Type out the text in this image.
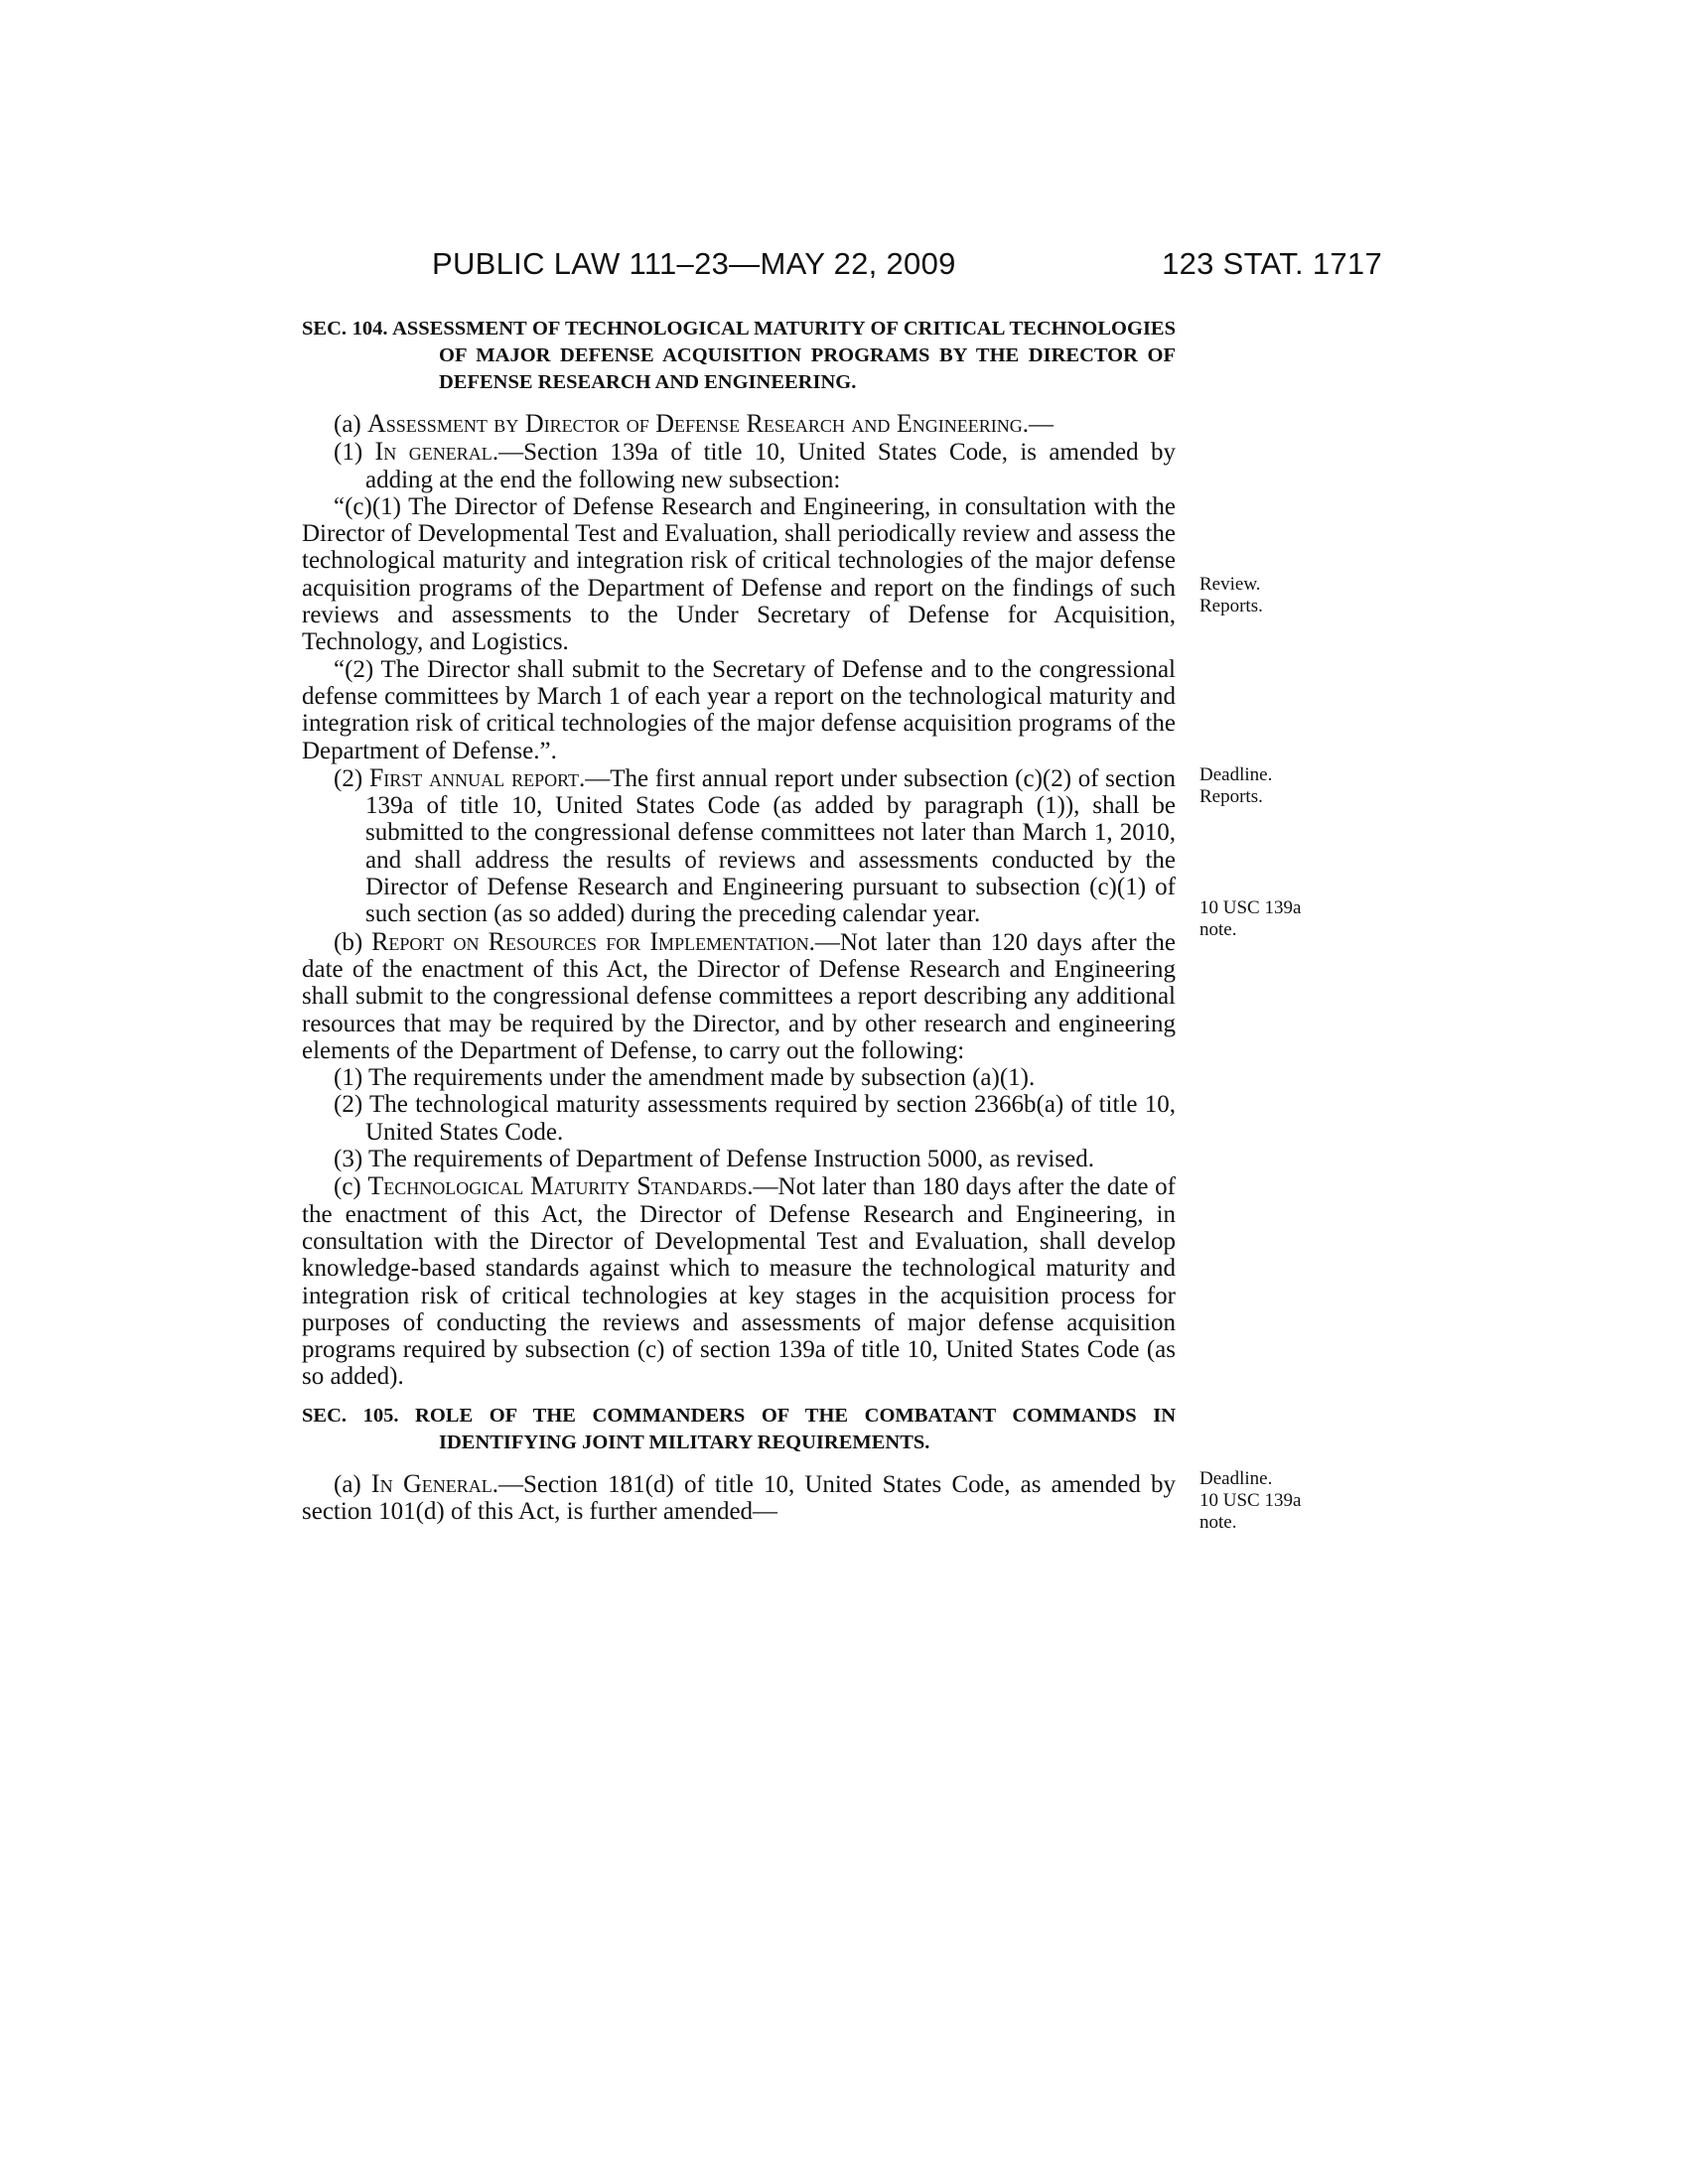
PUBLIC LAW 111–23—MAY 22, 2009	123 STAT. 1717

SEC. 104. ASSESSMENT OF TECHNOLOGICAL MATURITY OF CRITICAL TECHNOLOGIES OF MAJOR DEFENSE ACQUISITION PROGRAMS BY THE DIRECTOR OF DEFENSE RESEARCH AND ENGINEERING.

(a) Assessment by Director of Defense Research and Engineering.—

(1) In general.—Section 139a of title 10, United States Code, is amended by adding at the end the following new subsection:

“(c)(1) The Director of Defense Research and Engineering, in consultation with the Director of Developmental Test and Evaluation, shall periodically review and assess the technological maturity and integration risk of critical technologies of the major defense acquisition programs of the Department of Defense and report on the findings of such reviews and assessments to the Under Secretary of Defense for Acquisition, Technology, and Logistics.

“(2) The Director shall submit to the Secretary of Defense and to the congressional defense committees by March 1 of each year a report on the technological maturity and integration risk of critical technologies of the major defense acquisition programs of the Department of Defense.”.

(2) First annual report.—The first annual report under subsection (c)(2) of section 139a of title 10, United States Code (as added by paragraph (1)), shall be submitted to the congressional defense committees not later than March 1, 2010, and shall address the results of reviews and assessments conducted by the Director of Defense Research and Engineering pursuant to subsection (c)(1) of such section (as so added) during the preceding calendar year.

(b) Report on Resources for Implementation.—Not later than 120 days after the date of the enactment of this Act, the Director of Defense Research and Engineering shall submit to the congressional defense committees a report describing any additional resources that may be required by the Director, and by other research and engineering elements of the Department of Defense, to carry out the following:

(1) The requirements under the amendment made by subsection (a)(1).

(2) The technological maturity assessments required by section 2366b(a) of title 10, United States Code.

(3) The requirements of Department of Defense Instruction 5000, as revised.

(c) Technological Maturity Standards.—Not later than 180 days after the date of the enactment of this Act, the Director of Defense Research and Engineering, in consultation with the Director of Developmental Test and Evaluation, shall develop knowledge-based standards against which to measure the technological maturity and integration risk of critical technologies at key stages in the acquisition process for purposes of conducting the reviews and assessments of major defense acquisition programs required by subsection (c) of section 139a of title 10, United States Code (as so added).

SEC. 105. ROLE OF THE COMMANDERS OF THE COMBATANT COMMANDS IN IDENTIFYING JOINT MILITARY REQUIREMENTS.

(a) In General.—Section 181(d) of title 10, United States Code, as amended by section 101(d) of this Act, is further amended—

Review.
Reports.
Deadline.
Reports.
10 USC 139a
note.
Deadline.
10 USC 139a
note.
